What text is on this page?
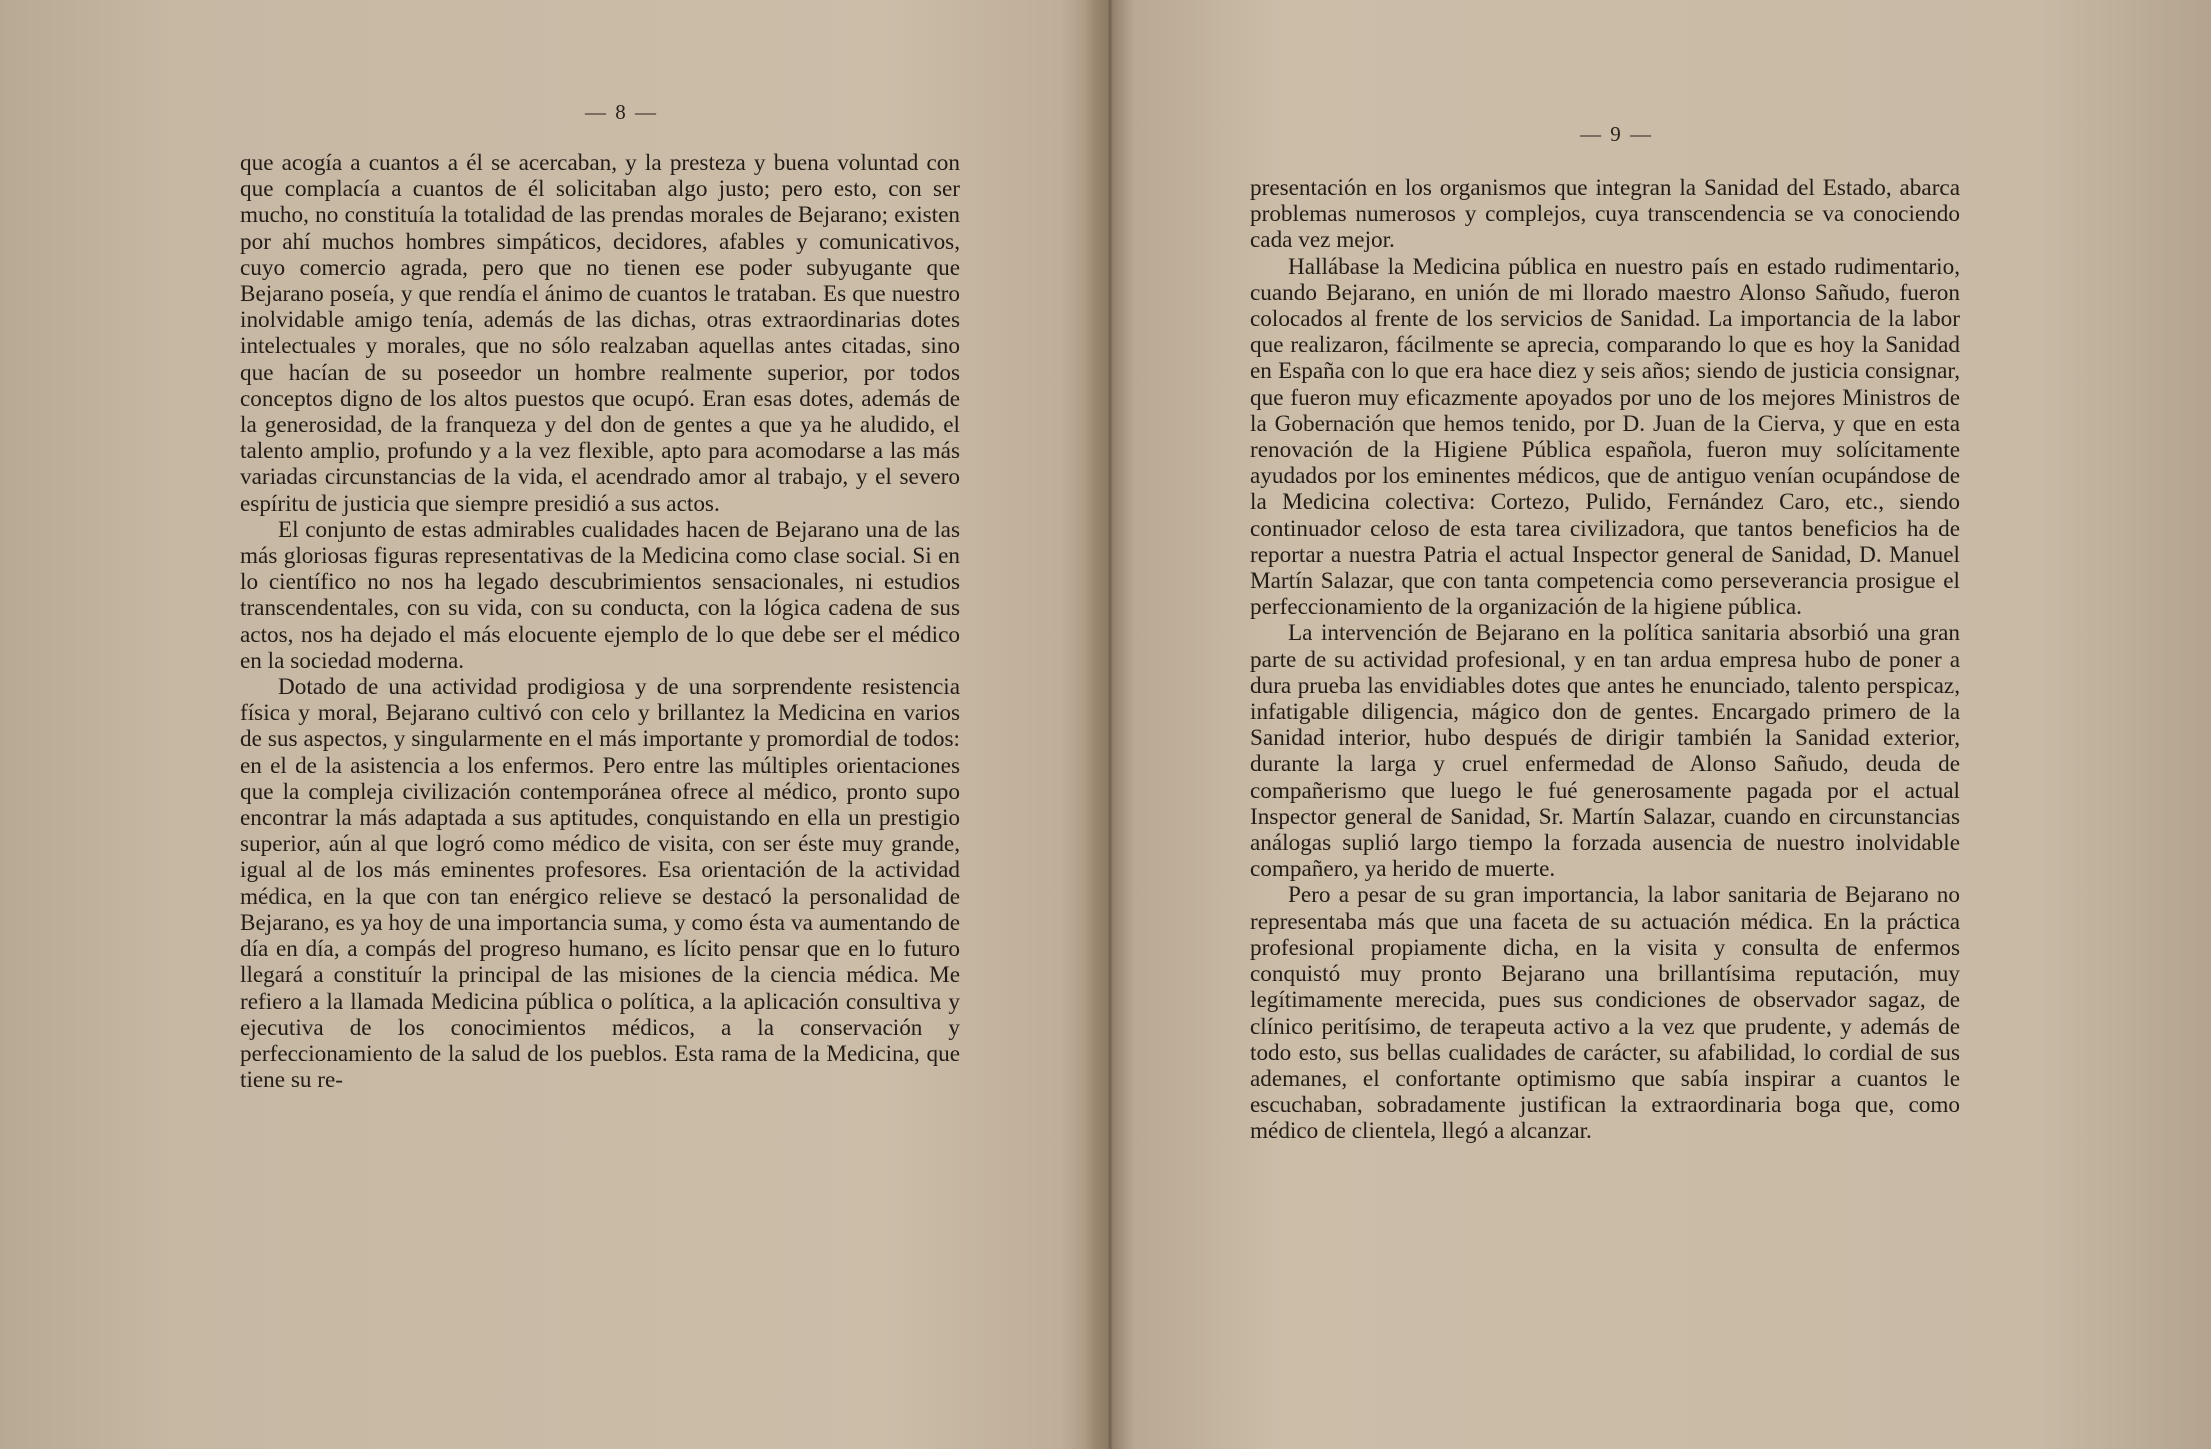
— 8 —

que acogía a cuantos a él se acercaban, y la presteza y buena voluntad con que complacía a cuantos de él solicitaban algo justo; pero esto, con ser mucho, no constituía la totalidad de las prendas morales de Bejarano; existen por ahí muchos hombres simpáticos, decidores, afables y comunicativos, cuyo comercio agrada, pero que no tienen ese poder subyugante que Bejarano poseía, y que rendía el ánimo de cuantos le trataban. Es que nuestro inolvidable amigo tenía, además de las dichas, otras extraordinarias dotes intelectuales y morales, que no sólo realzaban aquellas antes citadas, sino que hacían de su poseedor un hombre realmente superior, por todos conceptos digno de los altos puestos que ocupó. Eran esas dotes, además de la generosidad, de la franqueza y del don de gentes a que ya he aludido, el talento amplio, profundo y a la vez flexible, apto para acomodarse a las más variadas circunstancias de la vida, el acendrado amor al trabajo, y el severo espíritu de justicia que siempre presidió a sus actos.

El conjunto de estas admirables cualidades hacen de Bejarano una de las más gloriosas figuras representativas de la Medicina como clase social. Si en lo científico no nos ha legado descubrimientos sensacionales, ni estudios transcendentales, con su vida, con su conducta, con la lógica cadena de sus actos, nos ha dejado el más elocuente ejemplo de lo que debe ser el médico en la sociedad moderna.

Dotado de una actividad prodigiosa y de una sorprendente resistencia física y moral, Bejarano cultivó con celo y brillantez la Medicina en varios de sus aspectos, y singularmente en el más importante y promordial de todos: en el de la asistencia a los enfermos. Pero entre las múltiples orientaciones que la compleja civilización contemporánea ofrece al médico, pronto supo encontrar la más adaptada a sus aptitudes, conquistando en ella un prestigio superior, aún al que logró como médico de visita, con ser éste muy grande, igual al de los más eminentes profesores. Esa orientación de la actividad médica, en la que con tan enérgico relieve se destacó la personalidad de Bejarano, es ya hoy de una importancia suma, y como ésta va aumentando de día en día, a compás del progreso humano, es lícito pensar que en lo futuro llegará a constituír la principal de las misiones de la ciencia médica. Me refiero a la llamada Medicina pública o política, a la aplicación consultiva y ejecutiva de los conocimientos médicos, a la conservación y perfeccionamiento de la salud de los pueblos. Esta rama de la Medicina, que tiene su re-

— 9 —

presentación en los organismos que integran la Sanidad del Estado, abarca problemas numerosos y complejos, cuya transcendencia se va conociendo cada vez mejor.

Hallábase la Medicina pública en nuestro país en estado rudimentario, cuando Bejarano, en unión de mi llorado maestro Alonso Sañudo, fueron colocados al frente de los servicios de Sanidad. La importancia de la labor que realizaron, fácilmente se aprecia, comparando lo que es hoy la Sanidad en España con lo que era hace diez y seis años; siendo de justicia consignar, que fueron muy eficazmente apoyados por uno de los mejores Ministros de la Gobernación que hemos tenido, por D. Juan de la Cierva, y que en esta renovación de la Higiene Pública española, fueron muy solícitamente ayudados por los eminentes médicos, que de antiguo venían ocupándose de la Medicina colectiva: Cortezo, Pulido, Fernández Caro, etc., siendo continuador celoso de esta tarea civilizadora, que tantos beneficios ha de reportar a nuestra Patria el actual Inspector general de Sanidad, D. Manuel Martín Salazar, que con tanta competencia como perseverancia prosigue el perfeccionamiento de la organización de la higiene pública.

La intervención de Bejarano en la política sanitaria absorbió una gran parte de su actividad profesional, y en tan ardua empresa hubo de poner a dura prueba las envidiables dotes que antes he enunciado, talento perspicaz, infatigable diligencia, mágico don de gentes. Encargado primero de la Sanidad interior, hubo después de dirigir también la Sanidad exterior, durante la larga y cruel enfermedad de Alonso Sañudo, deuda de compañerismo que luego le fué generosamente pagada por el actual Inspector general de Sanidad, Sr. Martín Salazar, cuando en circunstancias análogas suplió largo tiempo la forzada ausencia de nuestro inolvidable compañero, ya herido de muerte.

Pero a pesar de su gran importancia, la labor sanitaria de Bejarano no representaba más que una faceta de su actuación médica. En la práctica profesional propiamente dicha, en la visita y consulta de enfermos conquistó muy pronto Bejarano una brillantísima reputación, muy legítimamente merecida, pues sus condiciones de observador sagaz, de clínico peritísimo, de terapeuta activo a la vez que prudente, y además de todo esto, sus bellas cualidades de carácter, su afabilidad, lo cordial de sus ademanes, el confortante optimismo que sabía inspirar a cuantos le escuchaban, sobradamente justifican la extraordinaria boga que, como médico de clientela, llegó a alcanzar.
